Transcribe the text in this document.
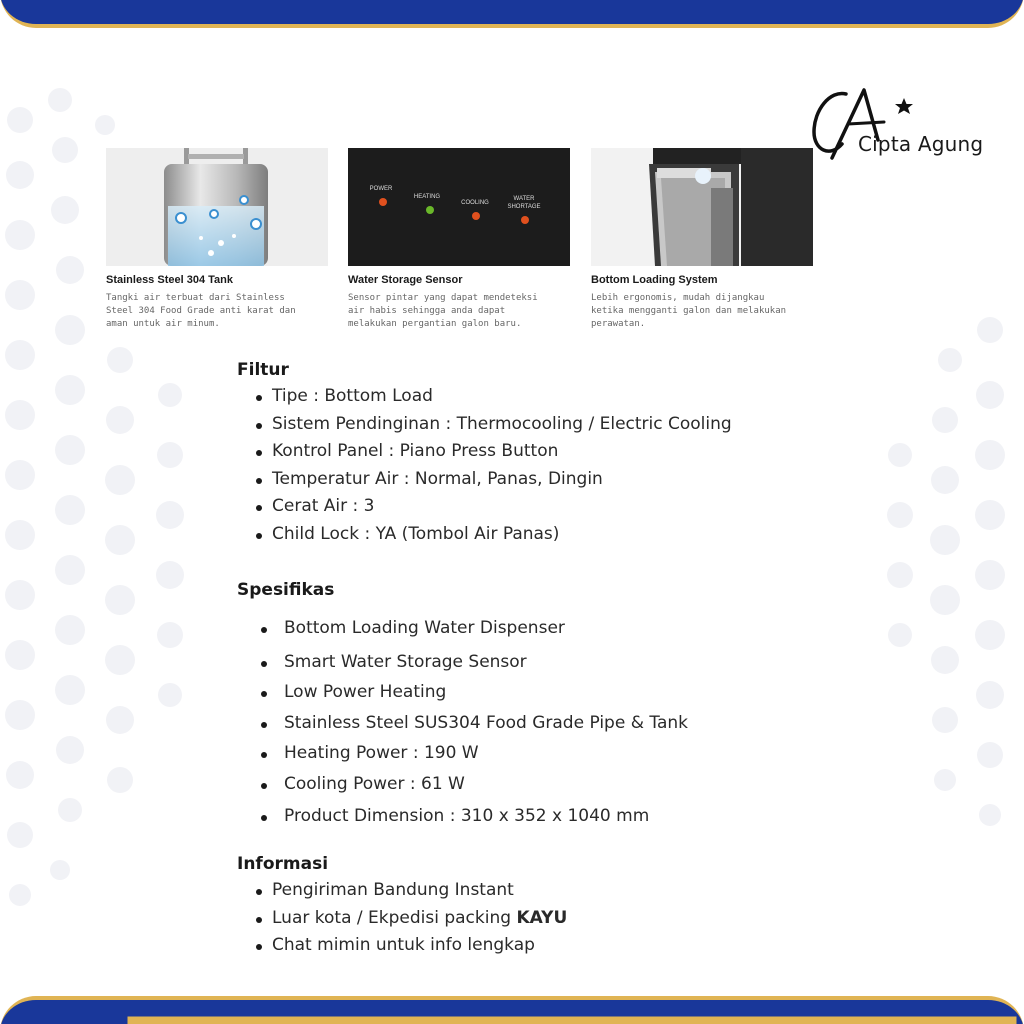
Cipta Agung
Stainless Steel 304 Tank
Tangki air terbuat dari Stainless Steel 304 Food Grade anti karat dan aman untuk air minum.
POWER
HEATING
COOLING
WATER
SHORTAGE
Water Storage Sensor
Sensor pintar yang dapat mendeteksi air habis sehingga anda dapat melakukan pergantian galon baru.
Bottom Loading System
Lebih ergonomis, mudah dijangkau ketika mengganti galon dan melakukan perawatan.
Filtur
Tipe : Bottom Load
Sistem Pendinginan : Thermocooling / Electric Cooling
Kontrol Panel : Piano Press Button
Temperatur Air : Normal, Panas, Dingin
Cerat Air : 3
Child Lock : YA (Tombol Air Panas)
Spesifikas
Bottom Loading Water Dispenser
Smart Water Storage Sensor
Low Power Heating
Stainless Steel SUS304 Food Grade Pipe & Tank
Heating Power : 190 W
Cooling Power : 61 W
Product Dimension : 310 x 352 x 1040 mm
Informasi
Pengiriman Bandung Instant
Luar kota / Ekpedisi packing KAYU
Chat mimin untuk info lengkap
